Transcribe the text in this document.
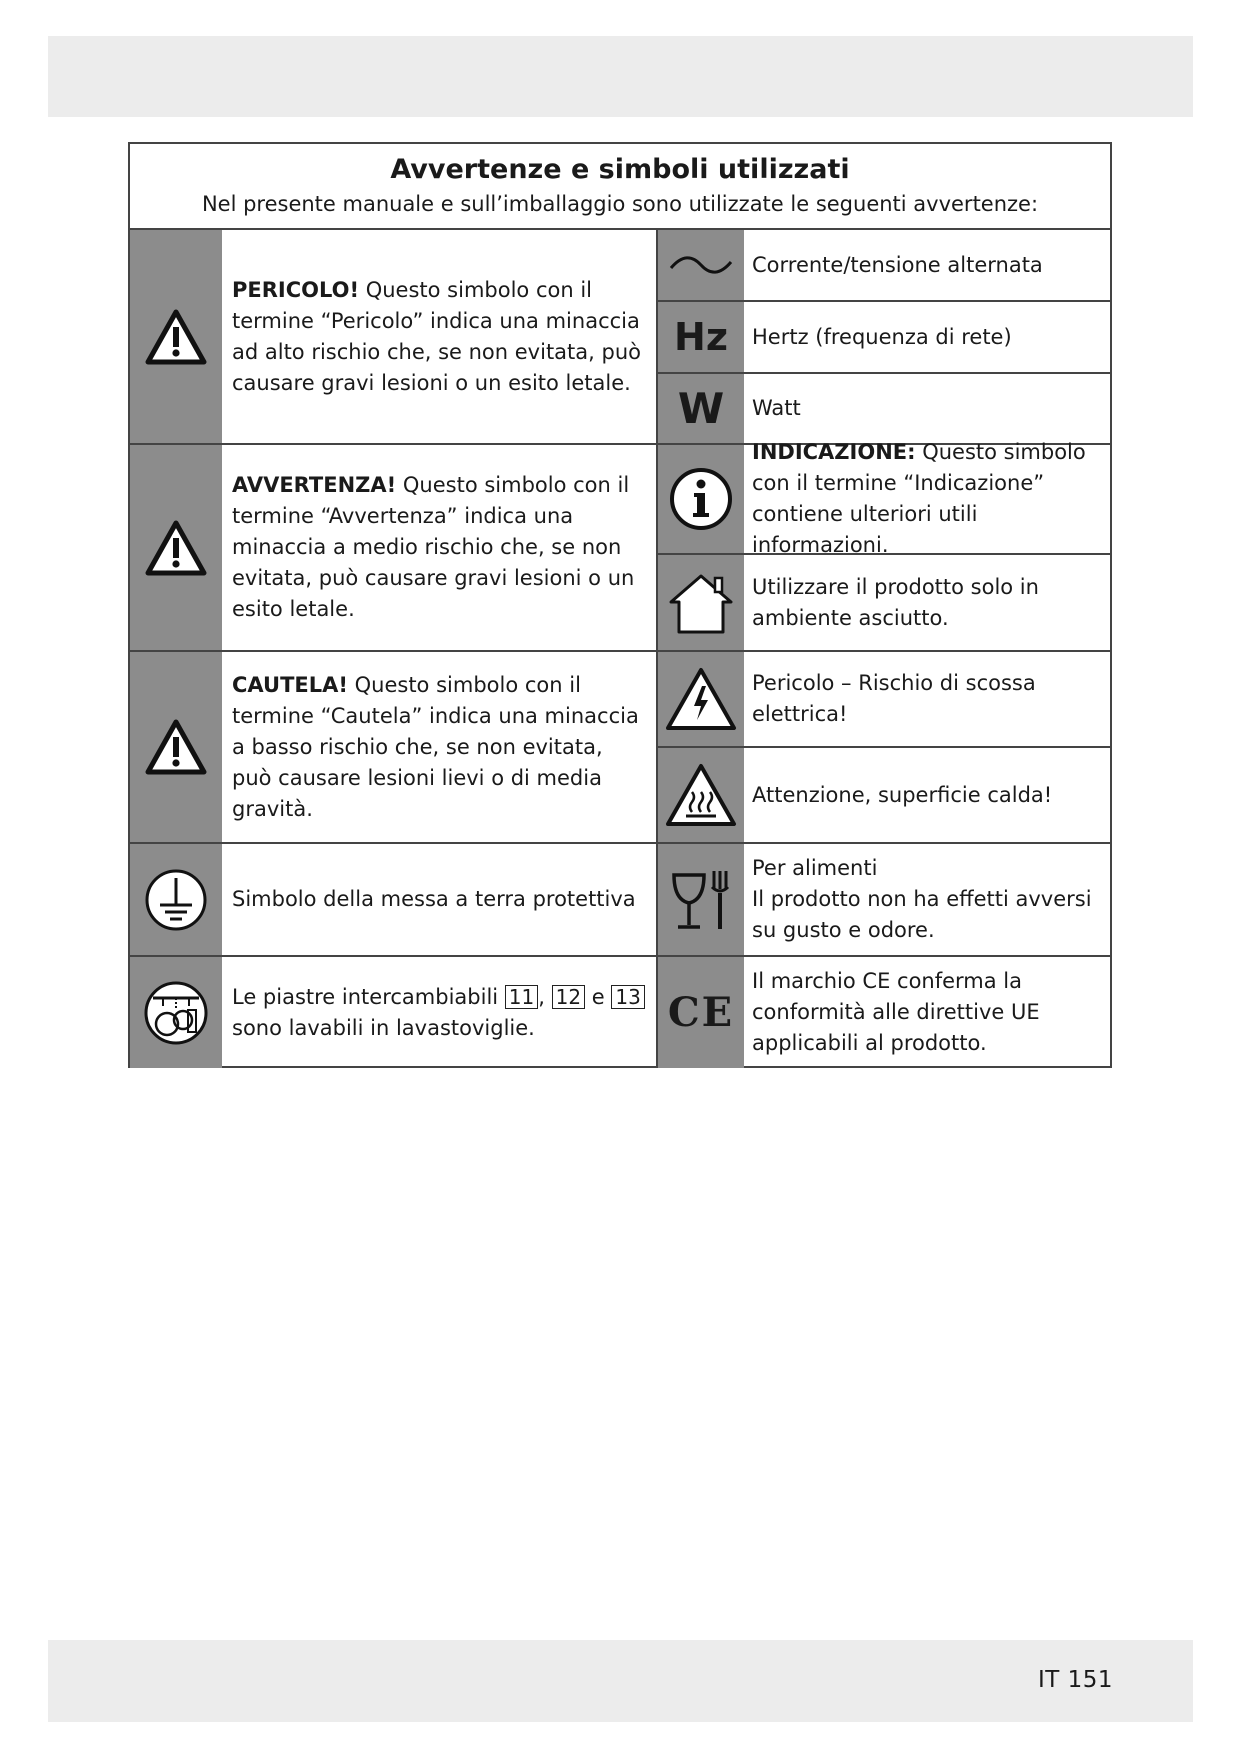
Avvertenze e simboli utilizzati
Nel presente manuale e sull’imballaggio sono utilizzate le seguenti avvertenze:
PERICOLO! Questo simbolo con il termine “Pericolo” indica una minaccia ad alto rischio che, se non evitata, può causare gravi lesioni o un esito letale.
AVVERTENZA! Questo simbolo con il termine “Avvertenza” indica una minaccia a medio rischio che, se non evitata, può causare gravi lesioni o un esito letale.
CAUTELA! Questo simbolo con il termine “Cautela” indica una minaccia a basso rischio che, se non evitata, può causare lesioni lievi o di media gravità.
Simbolo della messa a terra protettiva
Le piastre intercambiabili 11 , 12 e 13
sono lavabili in lavastoviglie.
Corrente/tensione alternata
Hz	Hertz (frequenza di rete)
W	Watt
INDICAZIONE: Questo simbolo con il termine “Indicazione” contiene ulteriori utili informazioni.
Utilizzare il prodotto solo in ambiente asciutto.
Pericolo – Rischio di scossa elettrica!
Attenzione, superficie calda!
Per alimenti
Il prodotto non ha effetti avversi su gusto e odore.
CE
Il marchio CE conferma la conformità alle direttive UE applicabili al prodotto.
IT 151
